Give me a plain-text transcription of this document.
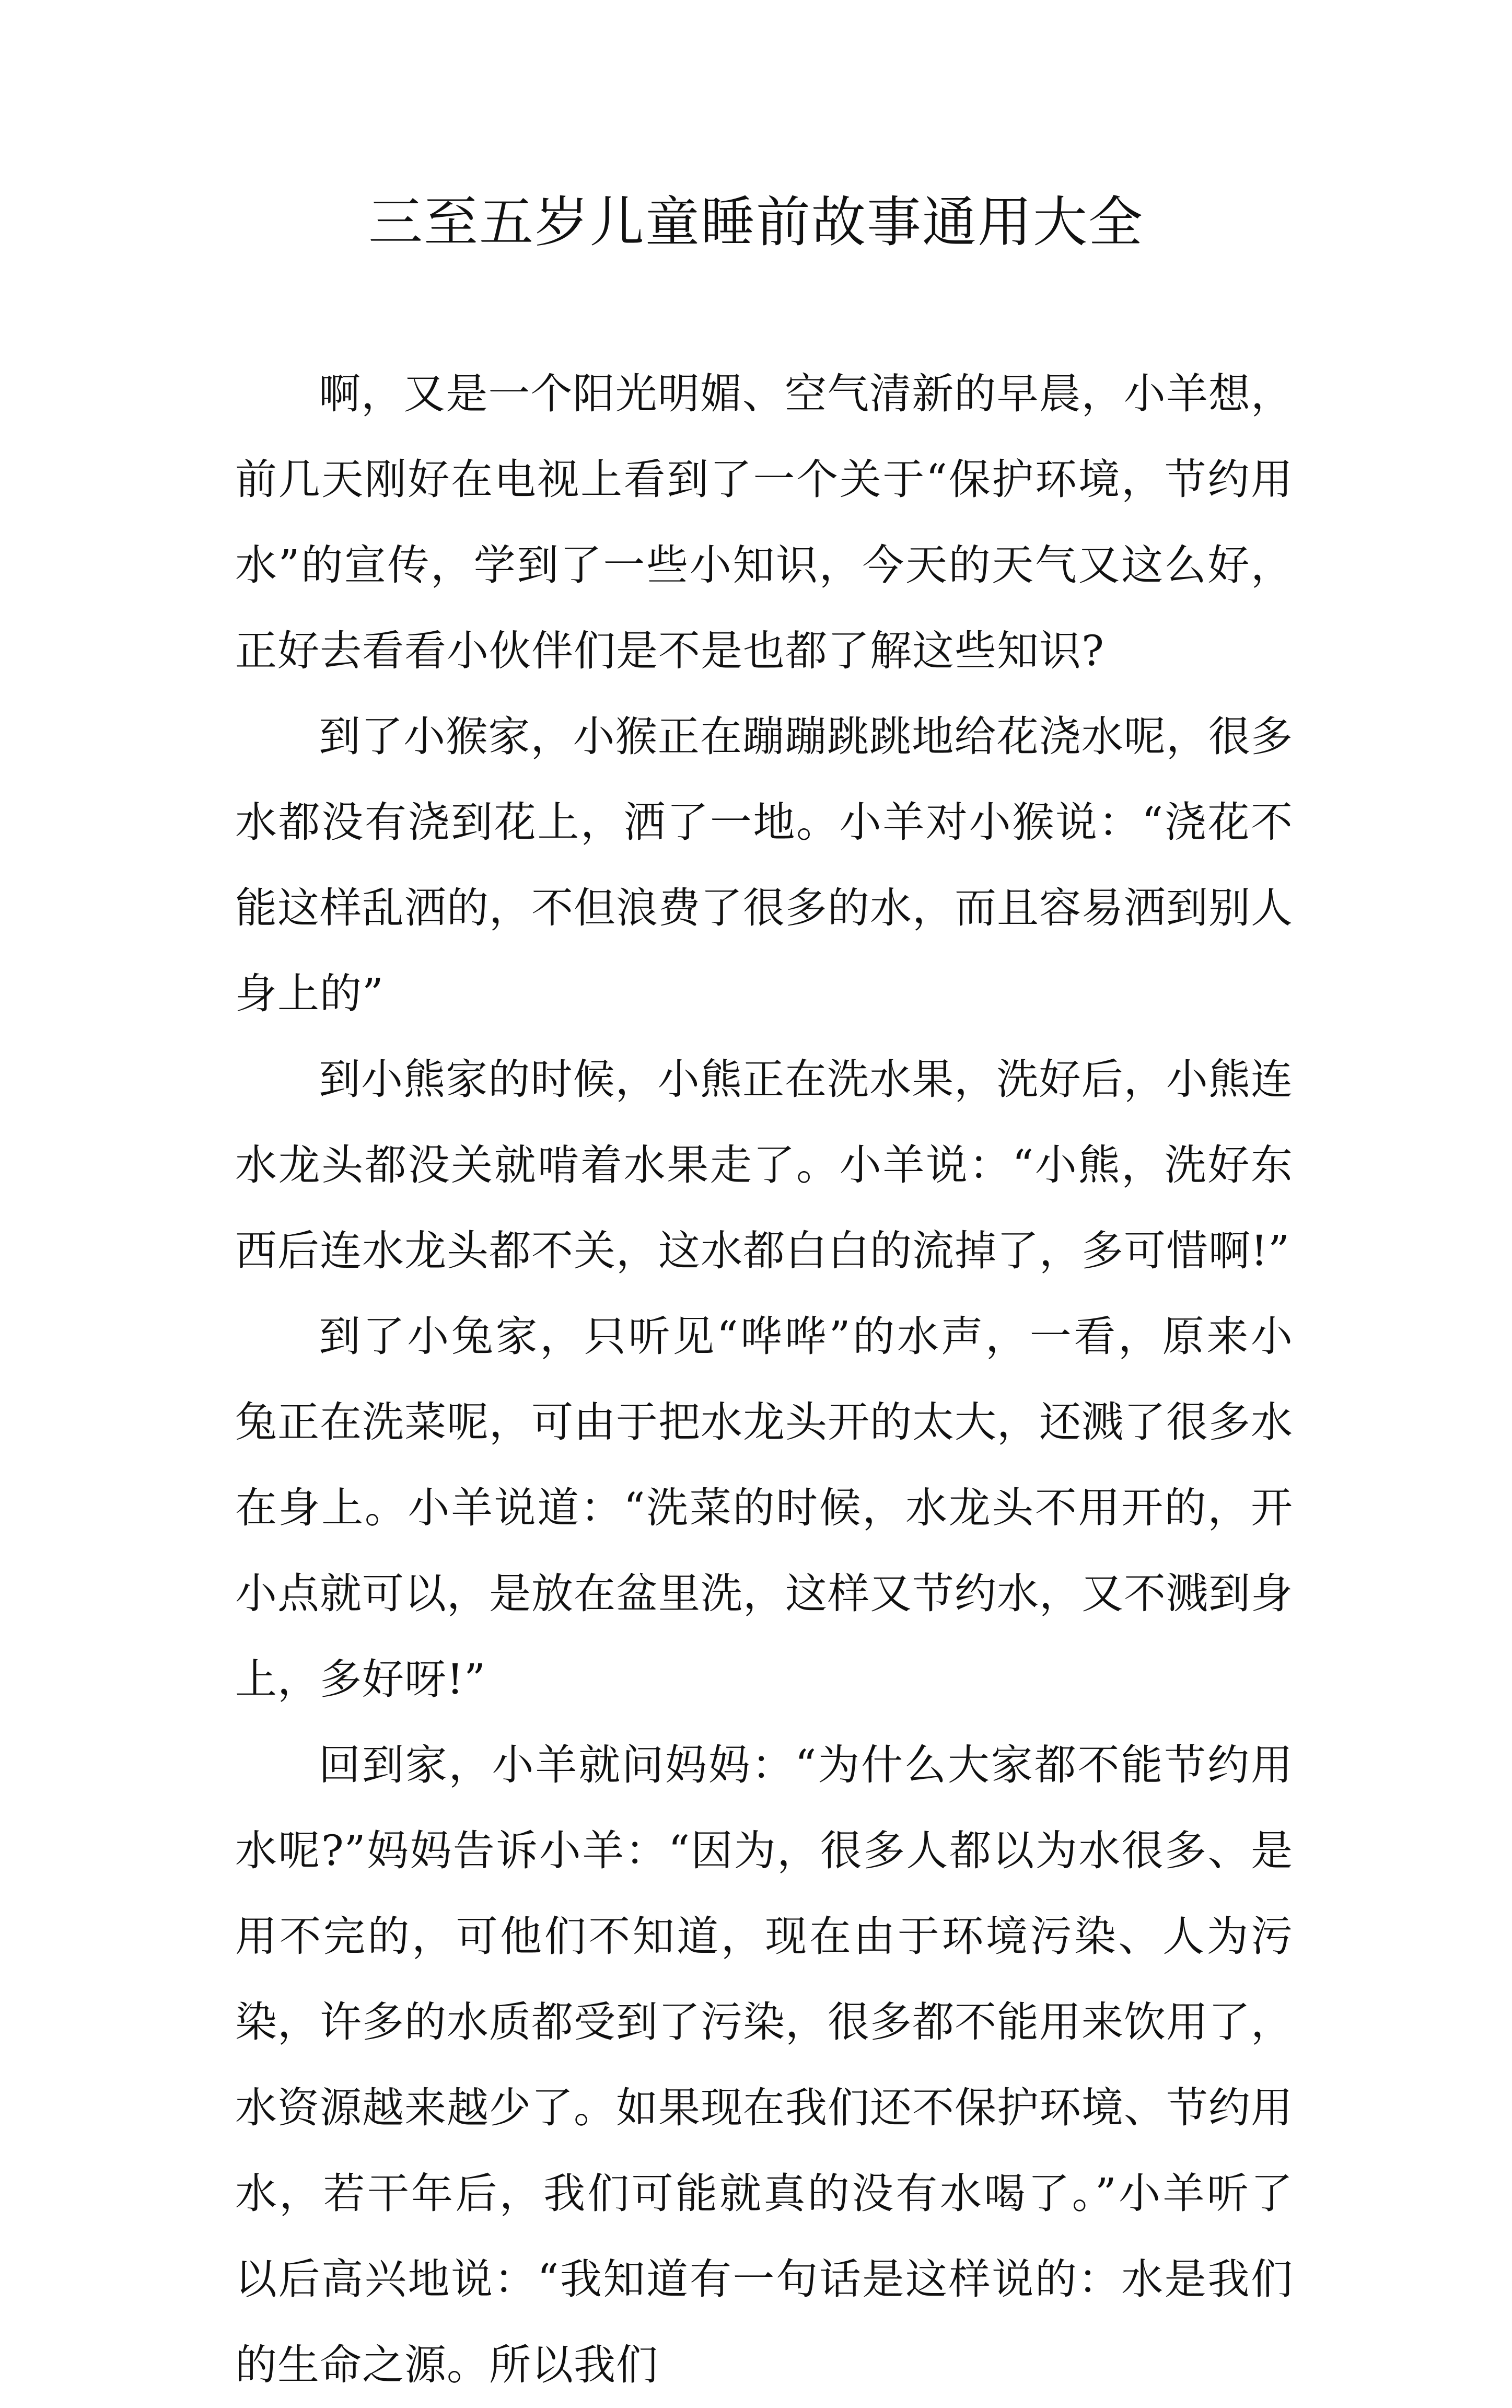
三至五岁儿童睡前故事通用大全

啊，又是一个阳光明媚、空气清新的早晨，小羊想，前几天刚好在电视上看到了一个关于“保护环境，节约用水”的宣传，学到了一些小知识，今天的天气又这么好，正好去看看小伙伴们是不是也都了解这些知识?

到了小猴家，小猴正在蹦蹦跳跳地给花浇水呢，很多水都没有浇到花上，洒了一地。小羊对小猴说：“浇花不能这样乱洒的，不但浪费了很多的水，而且容易洒到别人身上的”

到小熊家的时候，小熊正在洗水果，洗好后，小熊连水龙头都没关就啃着水果走了。小羊说：“小熊，洗好东西后连水龙头都不关，这水都白白的流掉了，多可惜啊!”

到了小兔家，只听见“哗哗”的水声，一看，原来小兔正在洗菜呢，可由于把水龙头开的太大，还溅了很多水在身上。小羊说道：“洗菜的时候，水龙头不用开的，开小点就可以，是放在盆里洗，这样又节约水，又不溅到身上，多好呀!”

回到家，小羊就问妈妈：“为什么大家都不能节约用水呢?”妈妈告诉小羊：“因为，很多人都以为水很多、是用不完的，可他们不知道，现在由于环境污染、人为污染，许多的水质都受到了污染，很多都不能用来饮用了，水资源越来越少了。如果现在我们还不保护环境、节约用水，若干年后，我们可能就真的没有水喝了。”小羊听了以后高兴地说：“我知道有一句话是这样说的：水是我们的生命之源。所以我们
